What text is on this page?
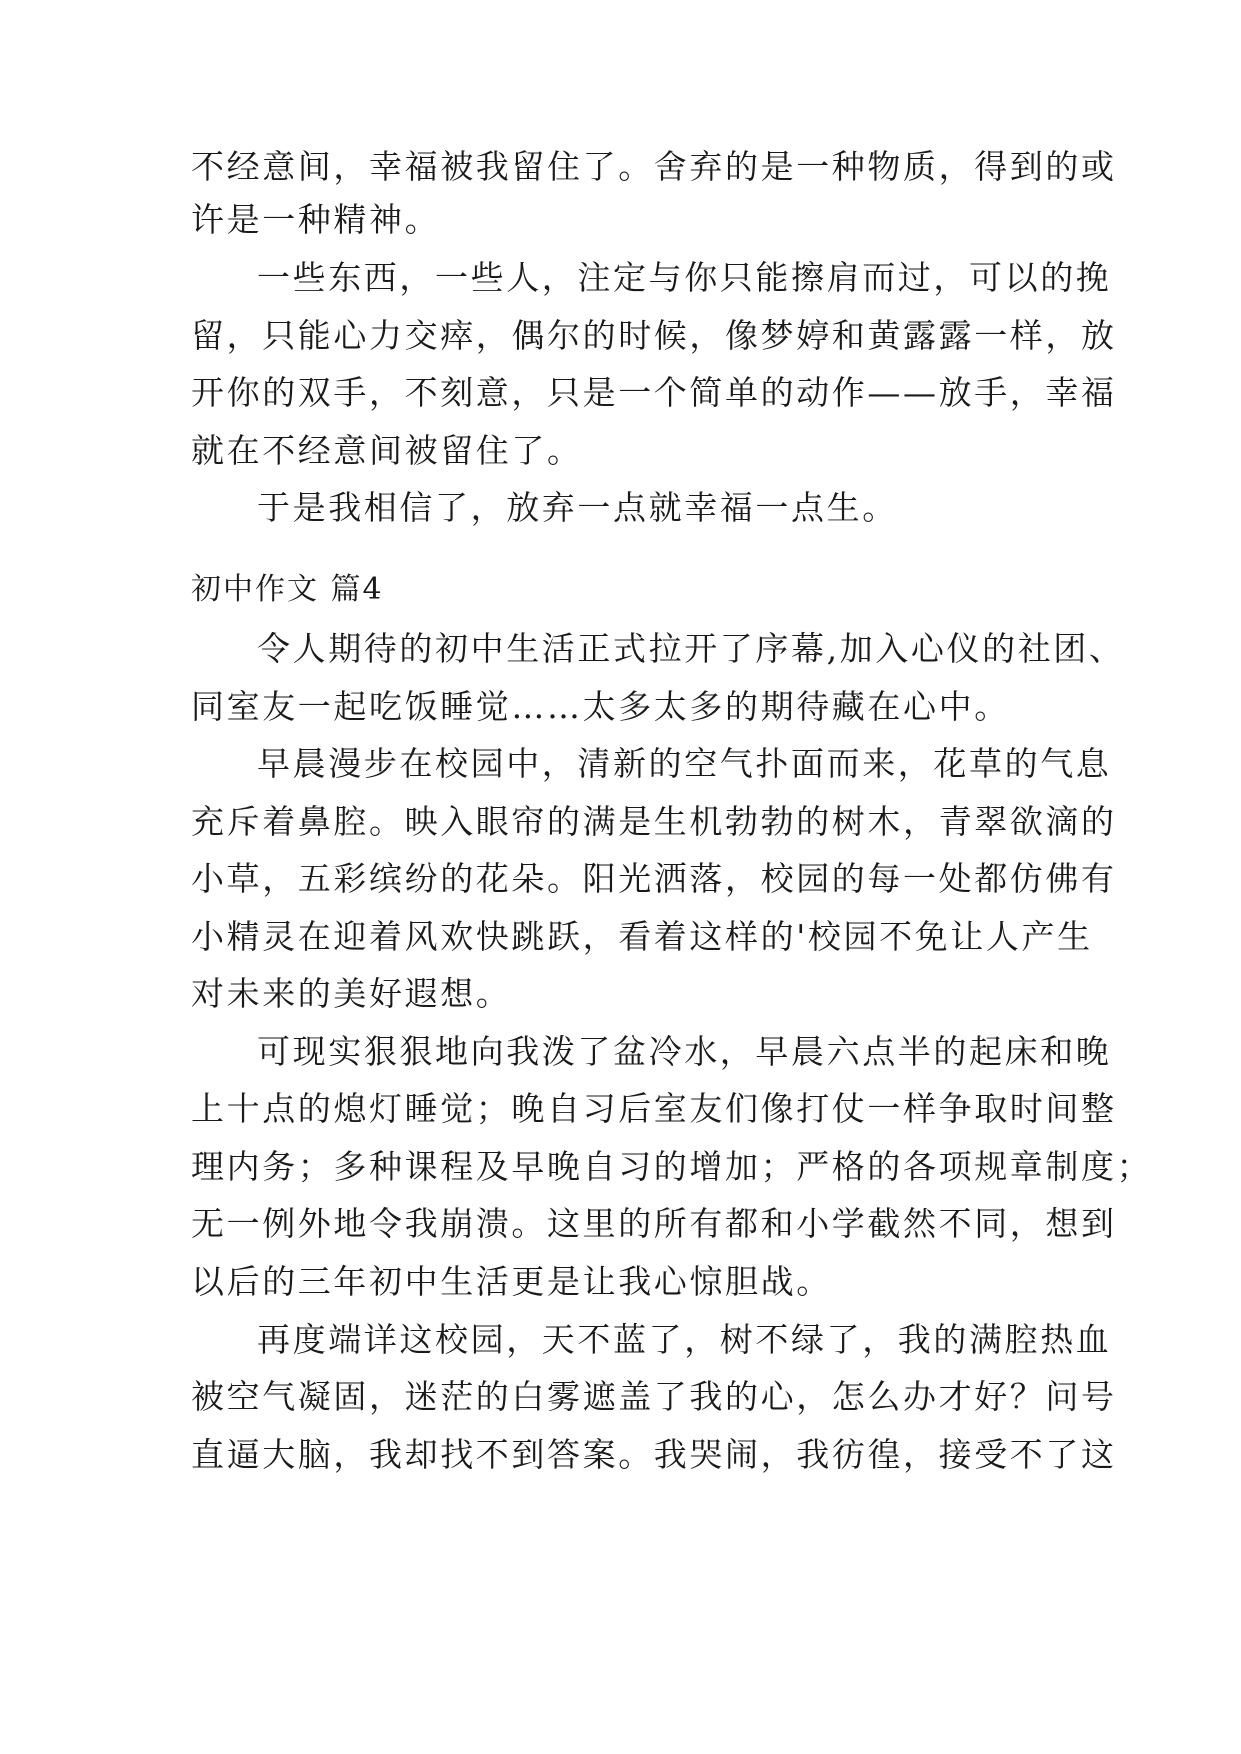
不经意间，幸福被我留住了。舍弃的是一种物质，得到的或
许是一种精神。
一些东西，一些人，注定与你只能擦肩而过，可以的挽
留，只能心力交瘁，偶尔的时候，像梦婷和黄露露一样，放
开你的双手，不刻意，只是一个简单的动作——放手，幸福
就在不经意间被留住了。
于是我相信了，放弃一点就幸福一点生。
初中作文 篇4
令人期待的初中生活正式拉开了序幕,加入心仪的社团、
同室友一起吃饭睡觉……太多太多的期待藏在心中。
早晨漫步在校园中，清新的空气扑面而来，花草的气息
充斥着鼻腔。映入眼帘的满是生机勃勃的树木，青翠欲滴的
小草，五彩缤纷的花朵。阳光洒落，校园的每一处都仿佛有
小精灵在迎着风欢快跳跃，看着这样的'校园不免让人产生
对未来的美好遐想。
可现实狠狠地向我泼了盆冷水，早晨六点半的起床和晚
上十点的熄灯睡觉；晚自习后室友们像打仗一样争取时间整
理内务；多种课程及早晚自习的增加；严格的各项规章制度；
无一例外地令我崩溃。这里的所有都和小学截然不同，想到
以后的三年初中生活更是让我心惊胆战。
再度端详这校园，天不蓝了，树不绿了，我的满腔热血
被空气凝固，迷茫的白雾遮盖了我的心，怎么办才好？问号
直逼大脑，我却找不到答案。我哭闹，我彷徨，接受不了这
